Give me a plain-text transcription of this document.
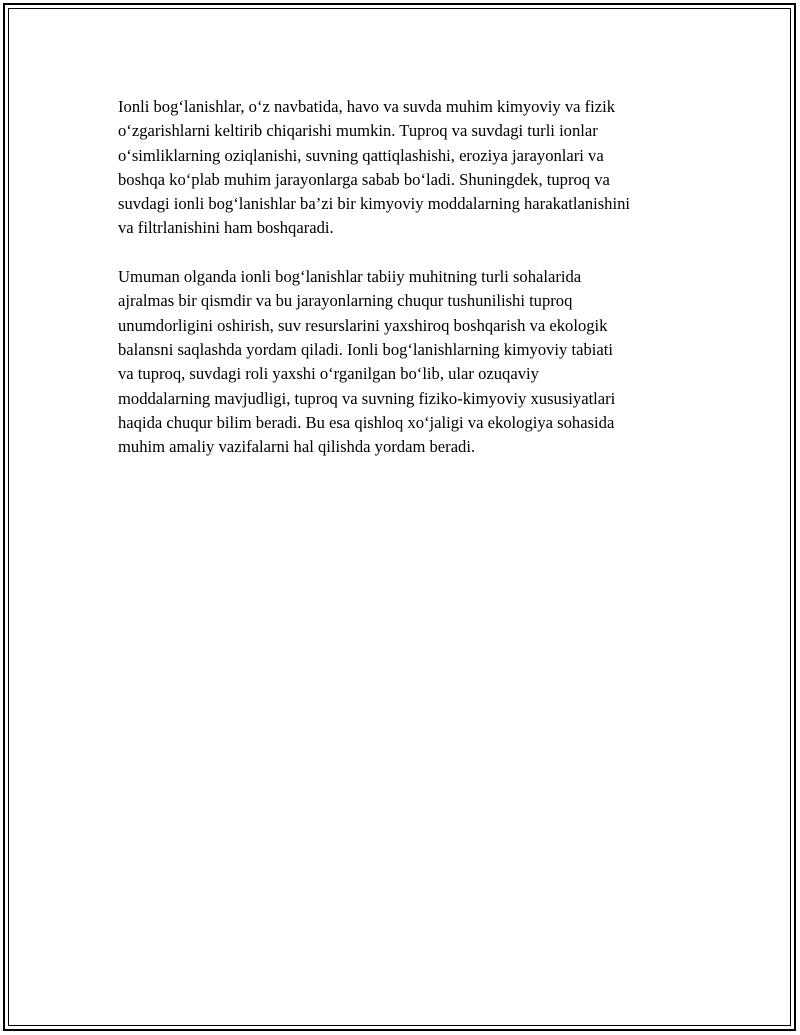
Ionli bog‘lanishlar, o‘z navbatida, havo va suvda muhim kimyoviy va fizik
o‘zgarishlarni keltirib chiqarishi mumkin. Tuproq va suvdagi turli ionlar
o‘simliklarning oziqlanishi, suvning qattiqlashishi, eroziya jarayonlari va
boshqa ko‘plab muhim jarayonlarga sabab bo‘ladi. Shuningdek, tuproq va
suvdagi ionli bog‘lanishlar ba’zi bir kimyoviy moddalarning harakatlanishini
va filtrlanishini ham boshqaradi.

Umuman olganda ionli bog‘lanishlar tabiiy muhitning turli sohalarida
ajralmas bir qismdir va bu jarayonlarning chuqur tushunilishi tuproq
unumdorligini oshirish, suv resurslarini yaxshiroq boshqarish va ekologik
balansni saqlashda yordam qiladi. Ionli bog‘lanishlarning kimyoviy tabiati
va tuproq, suvdagi roli yaxshi o‘rganilgan bo‘lib, ular ozuqaviy
moddalarning mavjudligi, tuproq va suvning fiziko-kimyoviy xususiyatlari
haqida chuqur bilim beradi. Bu esa qishloq xo‘jaligi va ekologiya sohasida
muhim amaliy vazifalarni hal qilishda yordam beradi.
